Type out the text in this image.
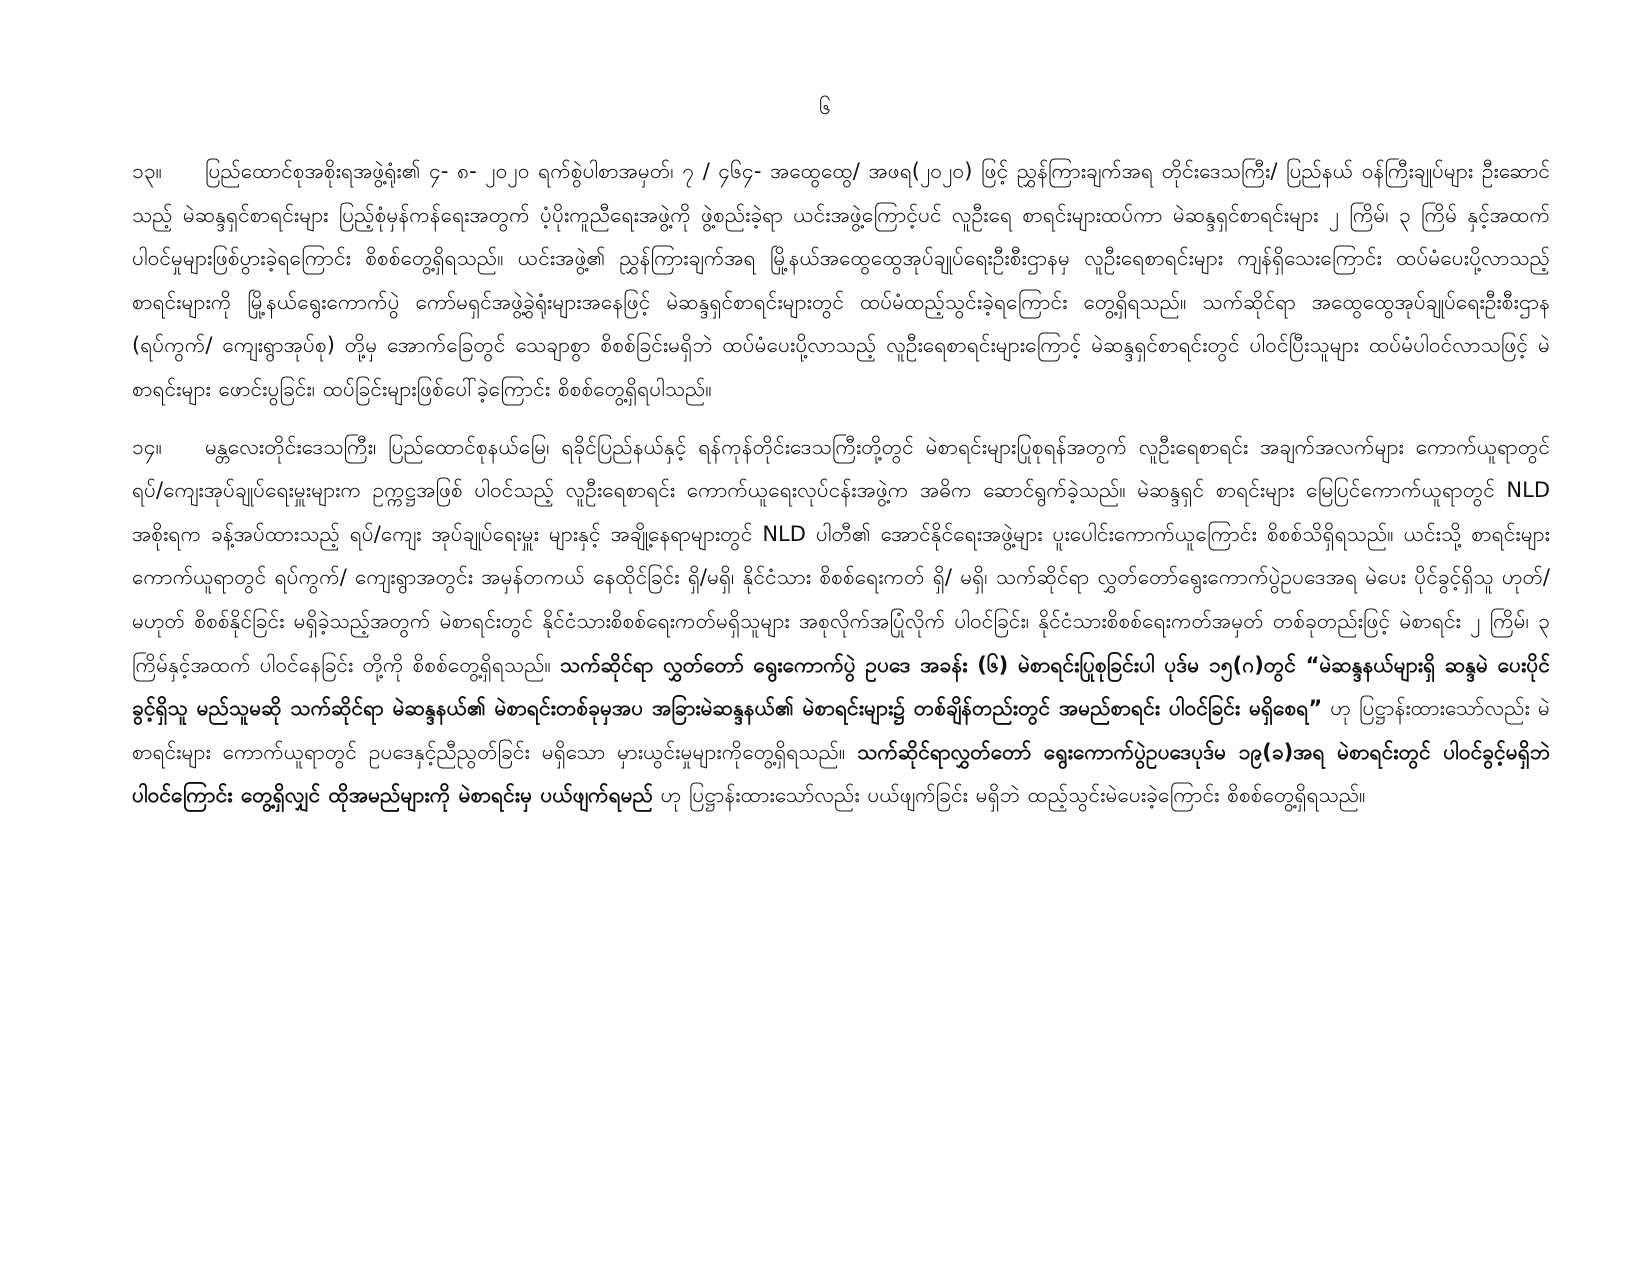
၆

၁၃။ ပြည်ထောင်စုအစိုးရအဖွဲ့ရုံး၏ ၄- ၈- ၂၀၂၀ ရက်စွဲပါစာအမှတ်၊ ၇ / ၄၆၄- အထွေထွေ/ အဖရ(၂၀၂၀) ဖြင့် ညွှန်ကြားချက်အရ တိုင်းဒေသကြီး/ ပြည်နယ် ဝန်ကြီးချုပ်များ ဦးဆောင်သည့် မဲဆန္ဒရှင်စာရင်းများ ပြည့်စုံမှန်ကန်ရေးအတွက် ပံ့ပိုးကူညီရေးအဖွဲ့ကို ဖွဲ့စည်းခဲ့ရာ ယင်းအဖွဲ့ကြောင့်ပင် လူဦးရေ စာရင်းများထပ်ကာ မဲဆန္ဒရှင်စာရင်းများ ၂ ကြိမ်၊ ၃ ကြိမ် နှင့်အထက် ပါဝင်မှုများဖြစ်ပွားခဲ့ရကြောင်း စိစစ်တွေ့ရှိရသည်။ ယင်းအဖွဲ့၏ ညွှန်ကြားချက်အရ မြို့နယ်အထွေထွေအုပ်ချုပ်ရေးဦးစီးဌာနမှ လူဦးရေစာရင်းများ ကျန်ရှိသေးကြောင်း ထပ်မံပေးပို့လာသည့် စာရင်းများကို မြို့နယ်ရွေးကောက်ပွဲ ကော်မရှင်အဖွဲ့ခွဲရုံးများအနေဖြင့် မဲဆန္ဒရှင်စာရင်းများတွင် ထပ်မံထည့်သွင်းခဲ့ရကြောင်း တွေ့ရှိရသည်။ သက်ဆိုင်ရာ အထွေထွေအုပ်ချုပ်ရေးဦးစီးဌာန (ရပ်ကွက်/ ကျေးရွာအုပ်စု) တို့မှ အောက်ခြေတွင် သေချာစွာ စိစစ်ခြင်းမရှိဘဲ ထပ်မံပေးပို့လာသည့် လူဦးရေစာရင်းများကြောင့် မဲဆန္ဒရှင်စာရင်းတွင် ပါဝင်ပြီးသူများ ထပ်မံပါဝင်လာသဖြင့် မဲစာရင်းများ ဖောင်းပွခြင်း၊ ထပ်ခြင်းများဖြစ်ပေါ်ခဲ့ကြောင်း စိစစ်တွေ့ရှိရပါသည်။

၁၄။ မန္တလေးတိုင်းဒေသကြီး၊ ပြည်ထောင်စုနယ်မြေ၊ ရခိုင်ပြည်နယ်နှင့် ရန်ကုန်တိုင်းဒေသကြီးတို့တွင် မဲစာရင်းများပြုစုရန်အတွက် လူဦးရေစာရင်း အချက်အလက်များ ကောက်ယူရာတွင် ရပ်/ကျေးအုပ်ချုပ်ရေးမှူးများက ဥက္ကဋ္ဌအဖြစ် ပါဝင်သည့် လူဦးရေစာရင်း ကောက်ယူရေးလုပ်ငန်းအဖွဲ့က အဓိက ဆောင်ရွက်ခဲ့သည်။ မဲဆန္ဒရှင် စာရင်းများ မြေပြင်ကောက်ယူရာတွင် NLD အစိုးရက ခန့်အပ်ထားသည့် ရပ်/ကျေး အုပ်ချုပ်ရေးမှူး များနှင့် အချို့နေရာများတွင် NLD ပါတီ၏ အောင်နိုင်ရေးအဖွဲ့များ ပူးပေါင်းကောက်ယူကြောင်း စိစစ်သိရှိရသည်။ ယင်းသို့ စာရင်းများ ကောက်ယူရာတွင် ရပ်ကွက်/ ကျေးရွာအတွင်း အမှန်တကယ် နေထိုင်ခြင်း ရှိ/မရှိ၊ နိုင်ငံသား စိစစ်ရေးကတ် ရှိ/ မရှိ၊ သက်ဆိုင်ရာ လွှတ်တော်ရွေးကောက်ပွဲဥပဒေအရ မဲပေး ပိုင်ခွင့်ရှိသူ ဟုတ်/ မဟုတ် စိစစ်နိုင်ခြင်း မရှိခဲ့သည့်အတွက် မဲစာရင်းတွင် နိုင်ငံသားစိစစ်ရေးကတ်မရှိသူများ အစုလိုက်အပြုံလိုက် ပါဝင်ခြင်း၊ နိုင်ငံသားစိစစ်ရေးကတ်အမှတ် တစ်ခုတည်းဖြင့် မဲစာရင်း ၂ ကြိမ်၊ ၃ ကြိမ်နှင့်အထက် ပါဝင်နေခြင်း တို့ကို စိစစ်တွေ့ရှိရသည်။ သက်ဆိုင်ရာ လွှတ်တော် ရွေးကောက်ပွဲ ဥပဒေ အခန်း (၆) မဲစာရင်းပြုစုခြင်းပါ ပုဒ်မ ၁၅(ဂ)တွင် “မဲဆန္ဒနယ်များရှိ ဆန္ဒမဲ ပေးပိုင်ခွင့်ရှိသူ မည်သူမဆို သက်ဆိုင်ရာ မဲဆန္ဒနယ်၏ မဲစာရင်းတစ်ခုမှအပ အခြားမဲဆန္ဒနယ်၏ မဲစာရင်းများ၌ တစ်ချိန်တည်းတွင် အမည်စာရင်း ပါဝင်ခြင်း မရှိစေရ” ဟု ပြဋ္ဌာန်းထားသော်လည်း မဲစာရင်းများ ကောက်ယူရာတွင် ဥပဒေနှင့်ညီညွတ်ခြင်း မရှိသော မှားယွင်းမှုများကိုတွေ့ရှိရသည်။ သက်ဆိုင်ရာလွှတ်တော် ရွေးကောက်ပွဲဥပဒေပုဒ်မ ၁၉(ခ)အရ မဲစာရင်းတွင် ပါဝင်ခွင့်မရှိဘဲ ပါဝင်ကြောင်း တွေ့ရှိလျှင် ထိုအမည်များကို မဲစာရင်းမှ ပယ်ဖျက်ရမည် ဟု ပြဋ္ဌာန်းထားသော်လည်း ပယ်ဖျက်ခြင်း မရှိဘဲ ထည့်သွင်းမဲပေးခဲ့ကြောင်း စိစစ်တွေ့ရှိရသည်။
